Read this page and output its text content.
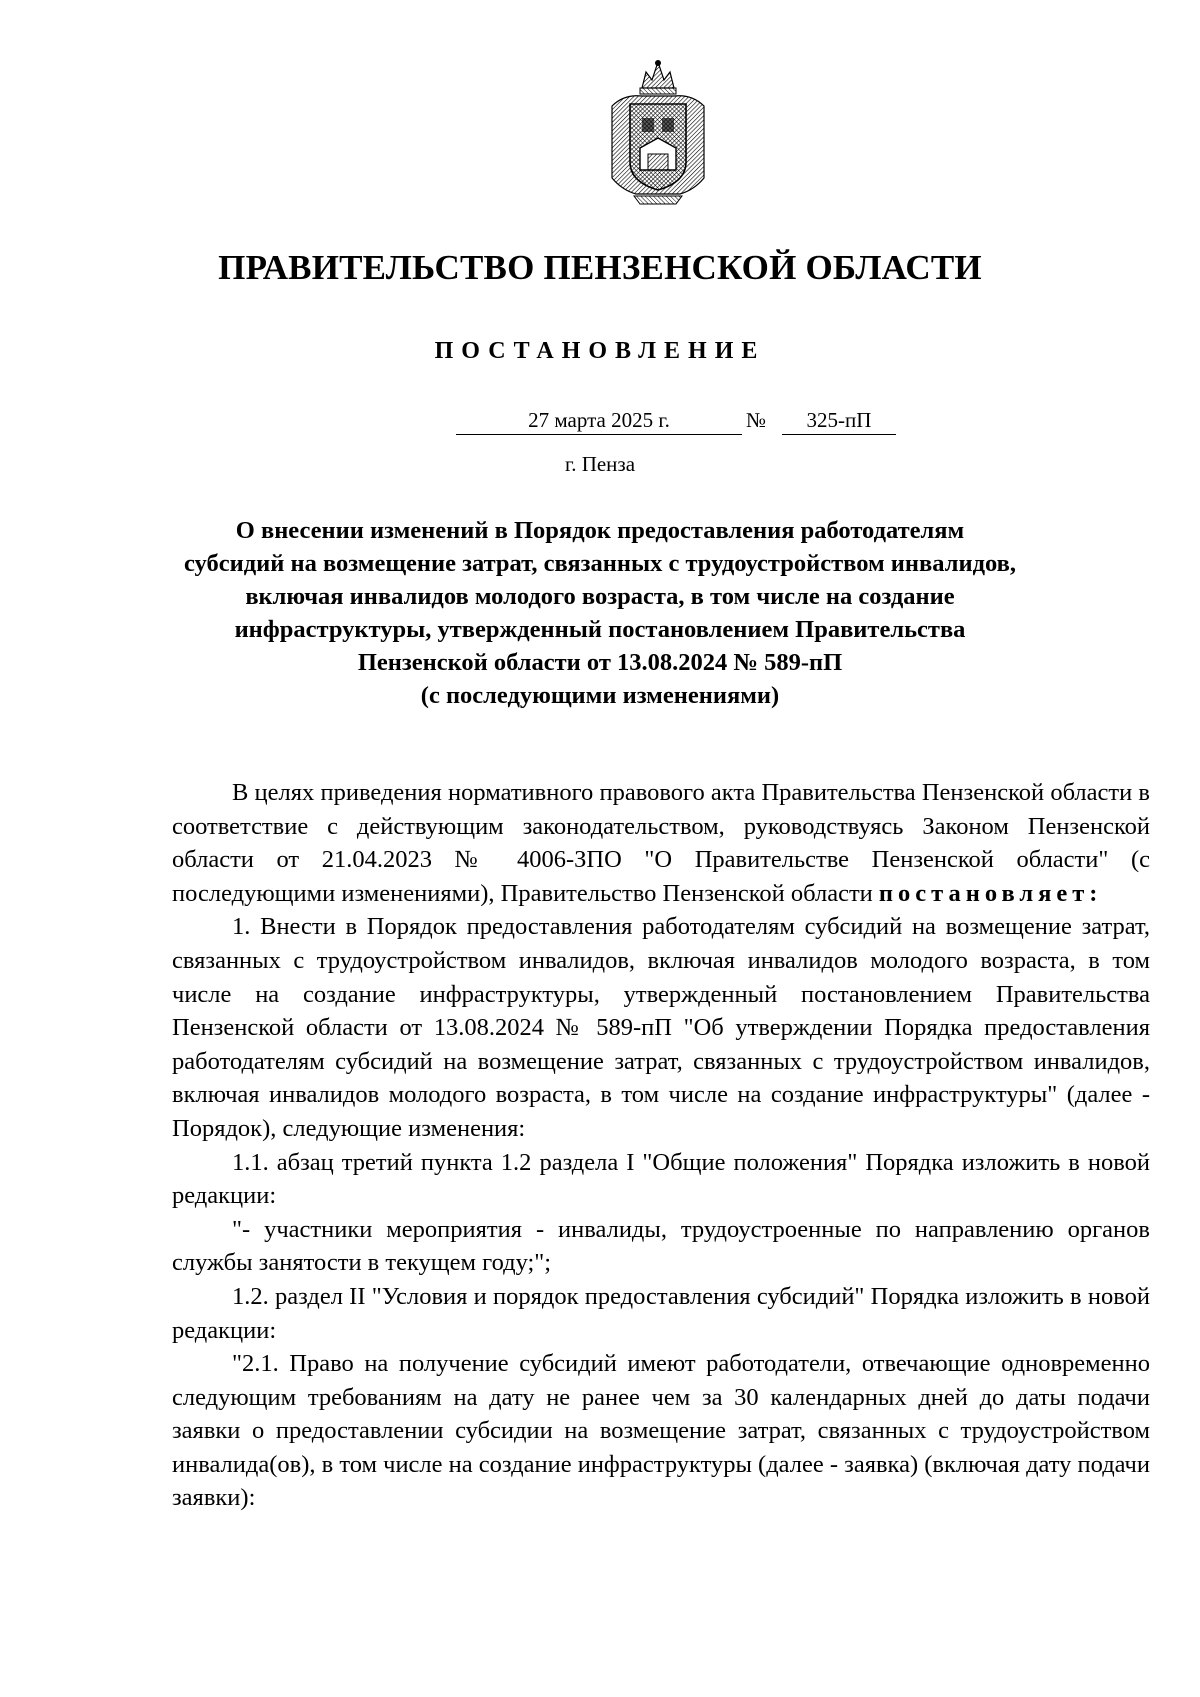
ПРАВИТЕЛЬСТВО ПЕНЗЕНСКОЙ ОБЛАСТИ
ПОСТАНОВЛЕНИЕ
27 марта 2025 г.	№	325-пП
г. Пенза
О внесении изменений в Порядок предоставления работодателям
субсидий на возмещение затрат, связанных с трудоустройством инвалидов,
включая инвалидов молодого возраста, в том числе на создание
инфраструктуры, утвержденный постановлением Правительства
Пензенской области от 13.08.2024 № 589-пП
(с последующими изменениями)

В целях приведения нормативного правового акта Правительства Пензенской области в соответствие с действующим законодательством, руководствуясь Законом Пензенской области от 21.04.2023 № 4006-ЗПО "О Правительстве Пензенской области" (с последующими изменениями), Правительство Пензенской области постановляет:

1. Внести в Порядок предоставления работодателям субсидий на возмещение затрат, связанных с трудоустройством инвалидов, включая инвалидов молодого возраста, в том числе на создание инфраструктуры, утвержденный постановлением Правительства Пензенской области от 13.08.2024 № 589-пП "Об утверждении Порядка предоставления работодателям субсидий на возмещение затрат, связанных с трудоустройством инвалидов, включая инвалидов молодого возраста, в том числе на создание инфраструктуры" (далее - Порядок), следующие изменения:

1.1. абзац третий пункта 1.2 раздела I "Общие положения" Порядка изложить в новой редакции:

"- участники мероприятия - инвалиды, трудоустроенные по направлению органов службы занятости в текущем году;";

1.2. раздел II "Условия и порядок предоставления субсидий" Порядка изложить в новой редакции:

"2.1. Право на получение субсидий имеют работодатели, отвечающие одновременно следующим требованиям на дату не ранее чем за 30 календарных дней до даты подачи заявки о предоставлении субсидии на возмещение затрат, связанных с трудоустройством инвалида(ов), в том числе на создание инфраструктуры (далее - заявка) (включая дату подачи заявки):
